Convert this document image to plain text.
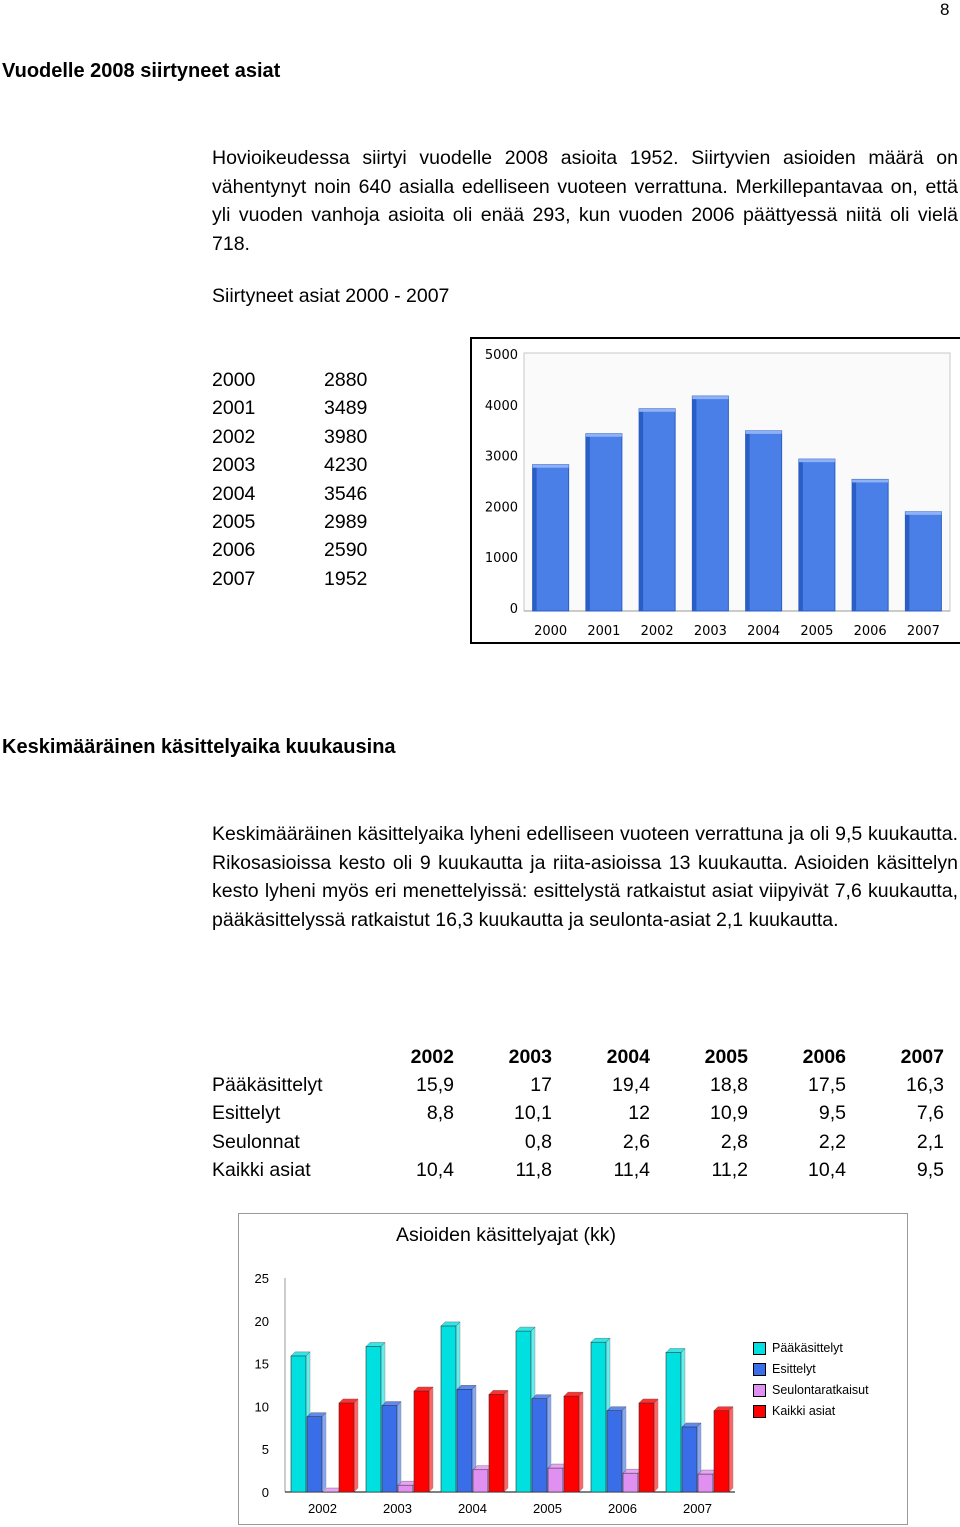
8
Vuodelle 2008 siirtyneet asiat

Hovioikeudessa siirtyi vuodelle 2008 asioita 1952. Siirtyvien asioiden määrä on vähentynyt noin 640 asialla edelliseen vuoteen verrattuna. Merkillepantavaa on, että yli vuoden vanhoja asioita oli enää 293, kun vuoden 2006 päättyessä niitä oli vielä 718.

Siirtyneet asiat 2000 - 2007
2000	2880
2001	3489
2002	3980
2003	4230
2004	3546
2005	2989
2006	2590
2007	1952
0
1000
2000
3000
4000
5000
2000 2001 2002 2003 2004 2005 2006 2007
Keskimääräinen käsittelyaika kuukausina

Keskimääräinen käsittelyaika lyheni edelliseen vuoteen verrattuna ja oli 9,5 kuukautta. Rikosasioissa kesto oli 9 kuukautta ja riita-asioissa 13 kuukautta. Asioiden käsittelyn kesto lyheni myös eri menettelyissä: esittelystä ratkaistut asiat viipyivät 7,6 kuukautta, pääkäsittelyssä ratkaistut 16,3 kuukautta ja seulonta-asiat 2,1 kuukautta.

	2002	2003	2004	2005	2006	2007
Pääkäsittelyt	15,9	17	19,4	18,8	17,5	16,3
Esittelyt	8,8	10,1	12	10,9	9,5	7,6
Seulonnat		0,8	2,6	2,8	2,2	2,1
Kaikki asiat	10,4	11,8	11,4	11,2	10,4	9,5
Asioiden käsittelyajat (kk)
0
5
10
15
20
25
2002	2003	2004	2005	2006	2007
Pääkäsittelyt
Esittelyt
Seulontaratkaisut
Kaikki asiat
